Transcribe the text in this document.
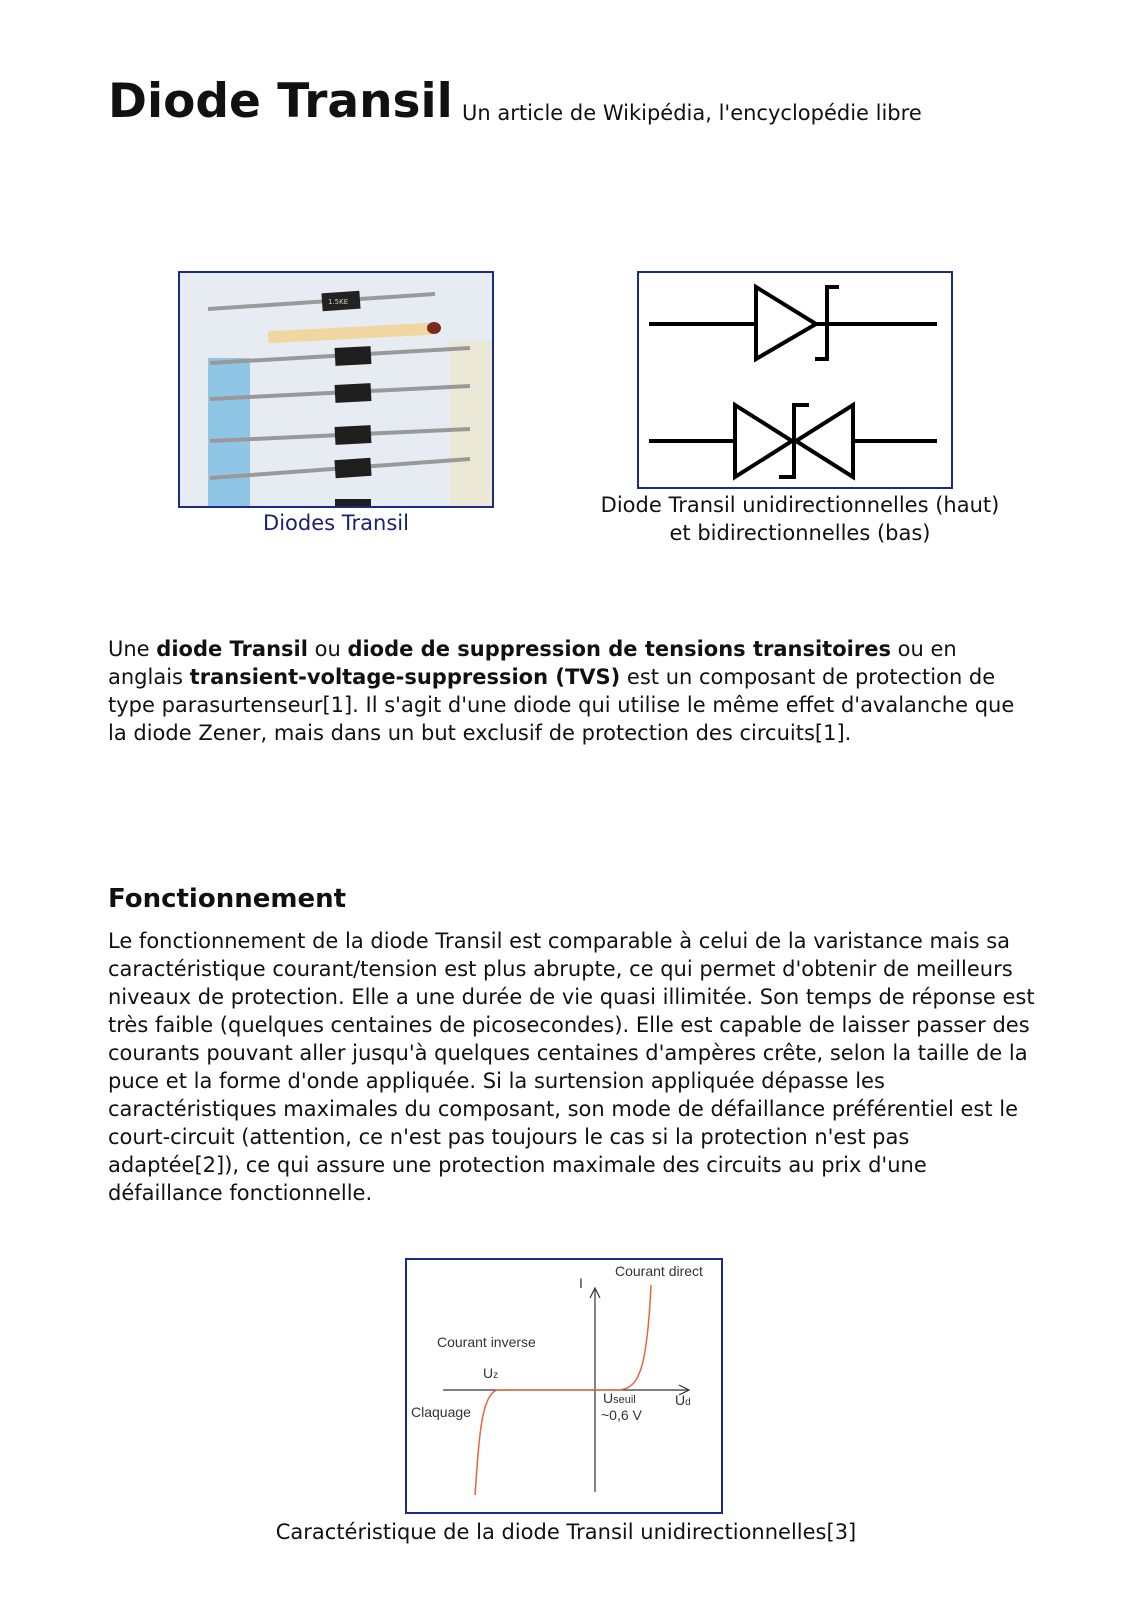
Diode Transil Un article de Wikipédia, l'encyclopédie libre
1.5KE
Diodes Transil
Diode Transil unidirectionnelles (haut)
et bidirectionnelles (bas)

Une diode Transil ou diode de suppression de tensions transitoires ou en anglais transient-voltage-suppression (TVS) est un composant de protection de type parasurtenseur[1]. Il s'agit d'une diode qui utilise le même effet d'avalanche que la diode Zener, mais dans un but exclusif de protection des circuits[1].

Fonctionnement

Le fonctionnement de la diode Transil est comparable à celui de la varistance mais sa caractéristique courant/tension est plus abrupte, ce qui permet d'obtenir de meilleurs niveaux de protection. Elle a une durée de vie quasi illimitée. Son temps de réponse est très faible (quelques centaines de picosecondes). Elle est capable de laisser passer des courants pouvant aller jusqu'à quelques centaines d'ampères crête, selon la taille de la puce et la forme d'onde appliquée. Si la surtension appliquée dépasse les caractéristiques maximales du composant, son mode de défaillance préférentiel est le court-circuit (attention, ce n'est pas toujours le cas si la protection n'est pas adaptée[2]), ce qui assure une protection maximale des circuits au prix d'une défaillance fonctionnelle.

I
Courant direct
Courant inverse
Uz
Claquage
Useuil
~0,6 V
Ud
Caractéristique de la diode Transil unidirectionnelles[3]
